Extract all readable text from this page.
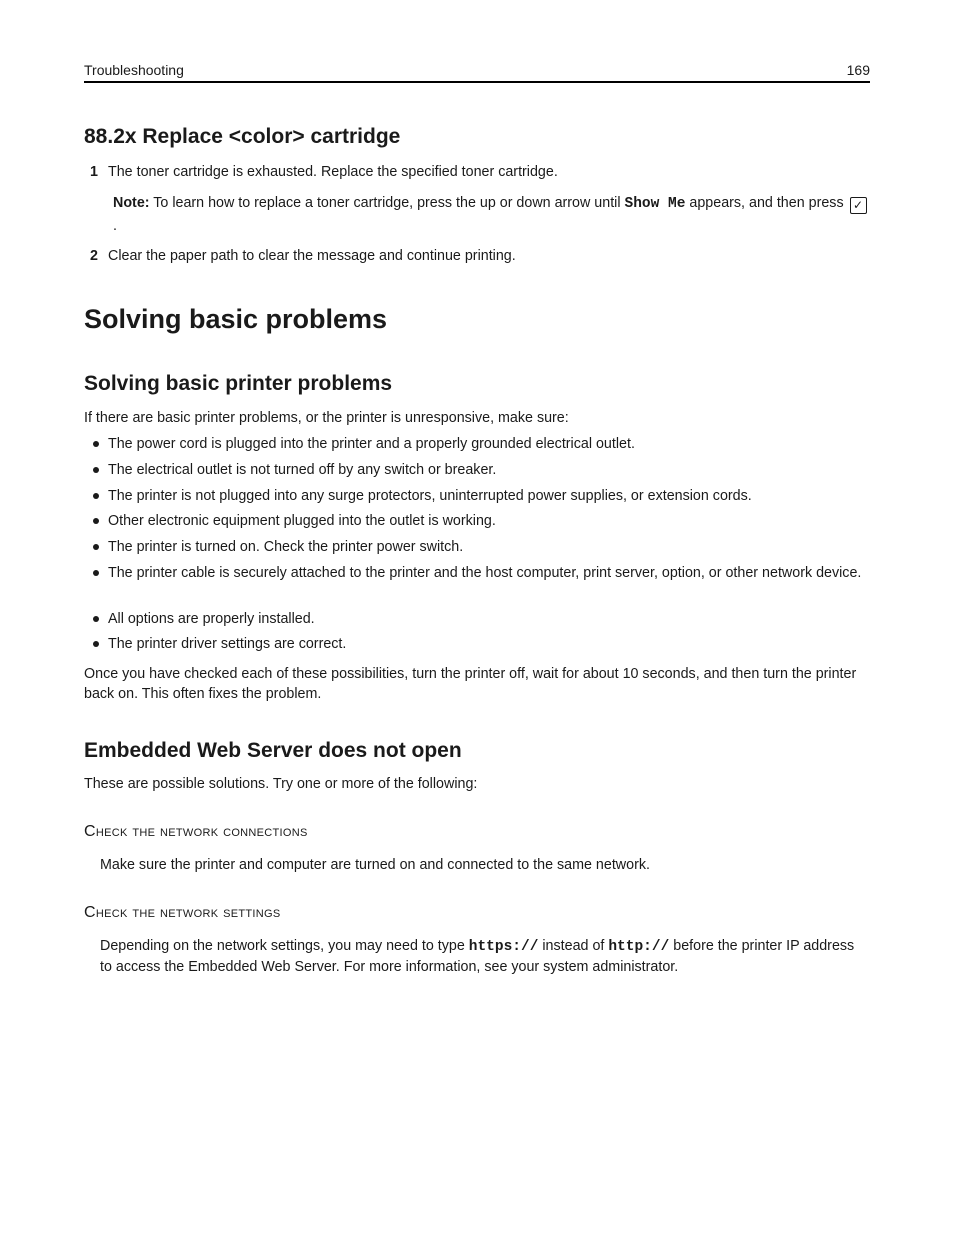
Troubleshooting	169
88.2x Replace <color> cartridge
1 The toner cartridge is exhausted. Replace the specified toner cartridge.
Note: To learn how to replace a toner cartridge, press the up or down arrow until Show Me appears, and then press ✓.
2 Clear the paper path to clear the message and continue printing.
Solving basic problems
Solving basic printer problems
If there are basic printer problems, or the printer is unresponsive, make sure:
The power cord is plugged into the printer and a properly grounded electrical outlet.
The electrical outlet is not turned off by any switch or breaker.
The printer is not plugged into any surge protectors, uninterrupted power supplies, or extension cords.
Other electronic equipment plugged into the outlet is working.
The printer is turned on. Check the printer power switch.
The printer cable is securely attached to the printer and the host computer, print server, option, or other network device.
All options are properly installed.
The printer driver settings are correct.
Once you have checked each of these possibilities, turn the printer off, wait for about 10 seconds, and then turn the printer back on. This often fixes the problem.
Embedded Web Server does not open
These are possible solutions. Try one or more of the following:
Check the network connections
Make sure the printer and computer are turned on and connected to the same network.
Check the network settings
Depending on the network settings, you may need to type https:// instead of http:// before the printer IP address to access the Embedded Web Server. For more information, see your system administrator.
